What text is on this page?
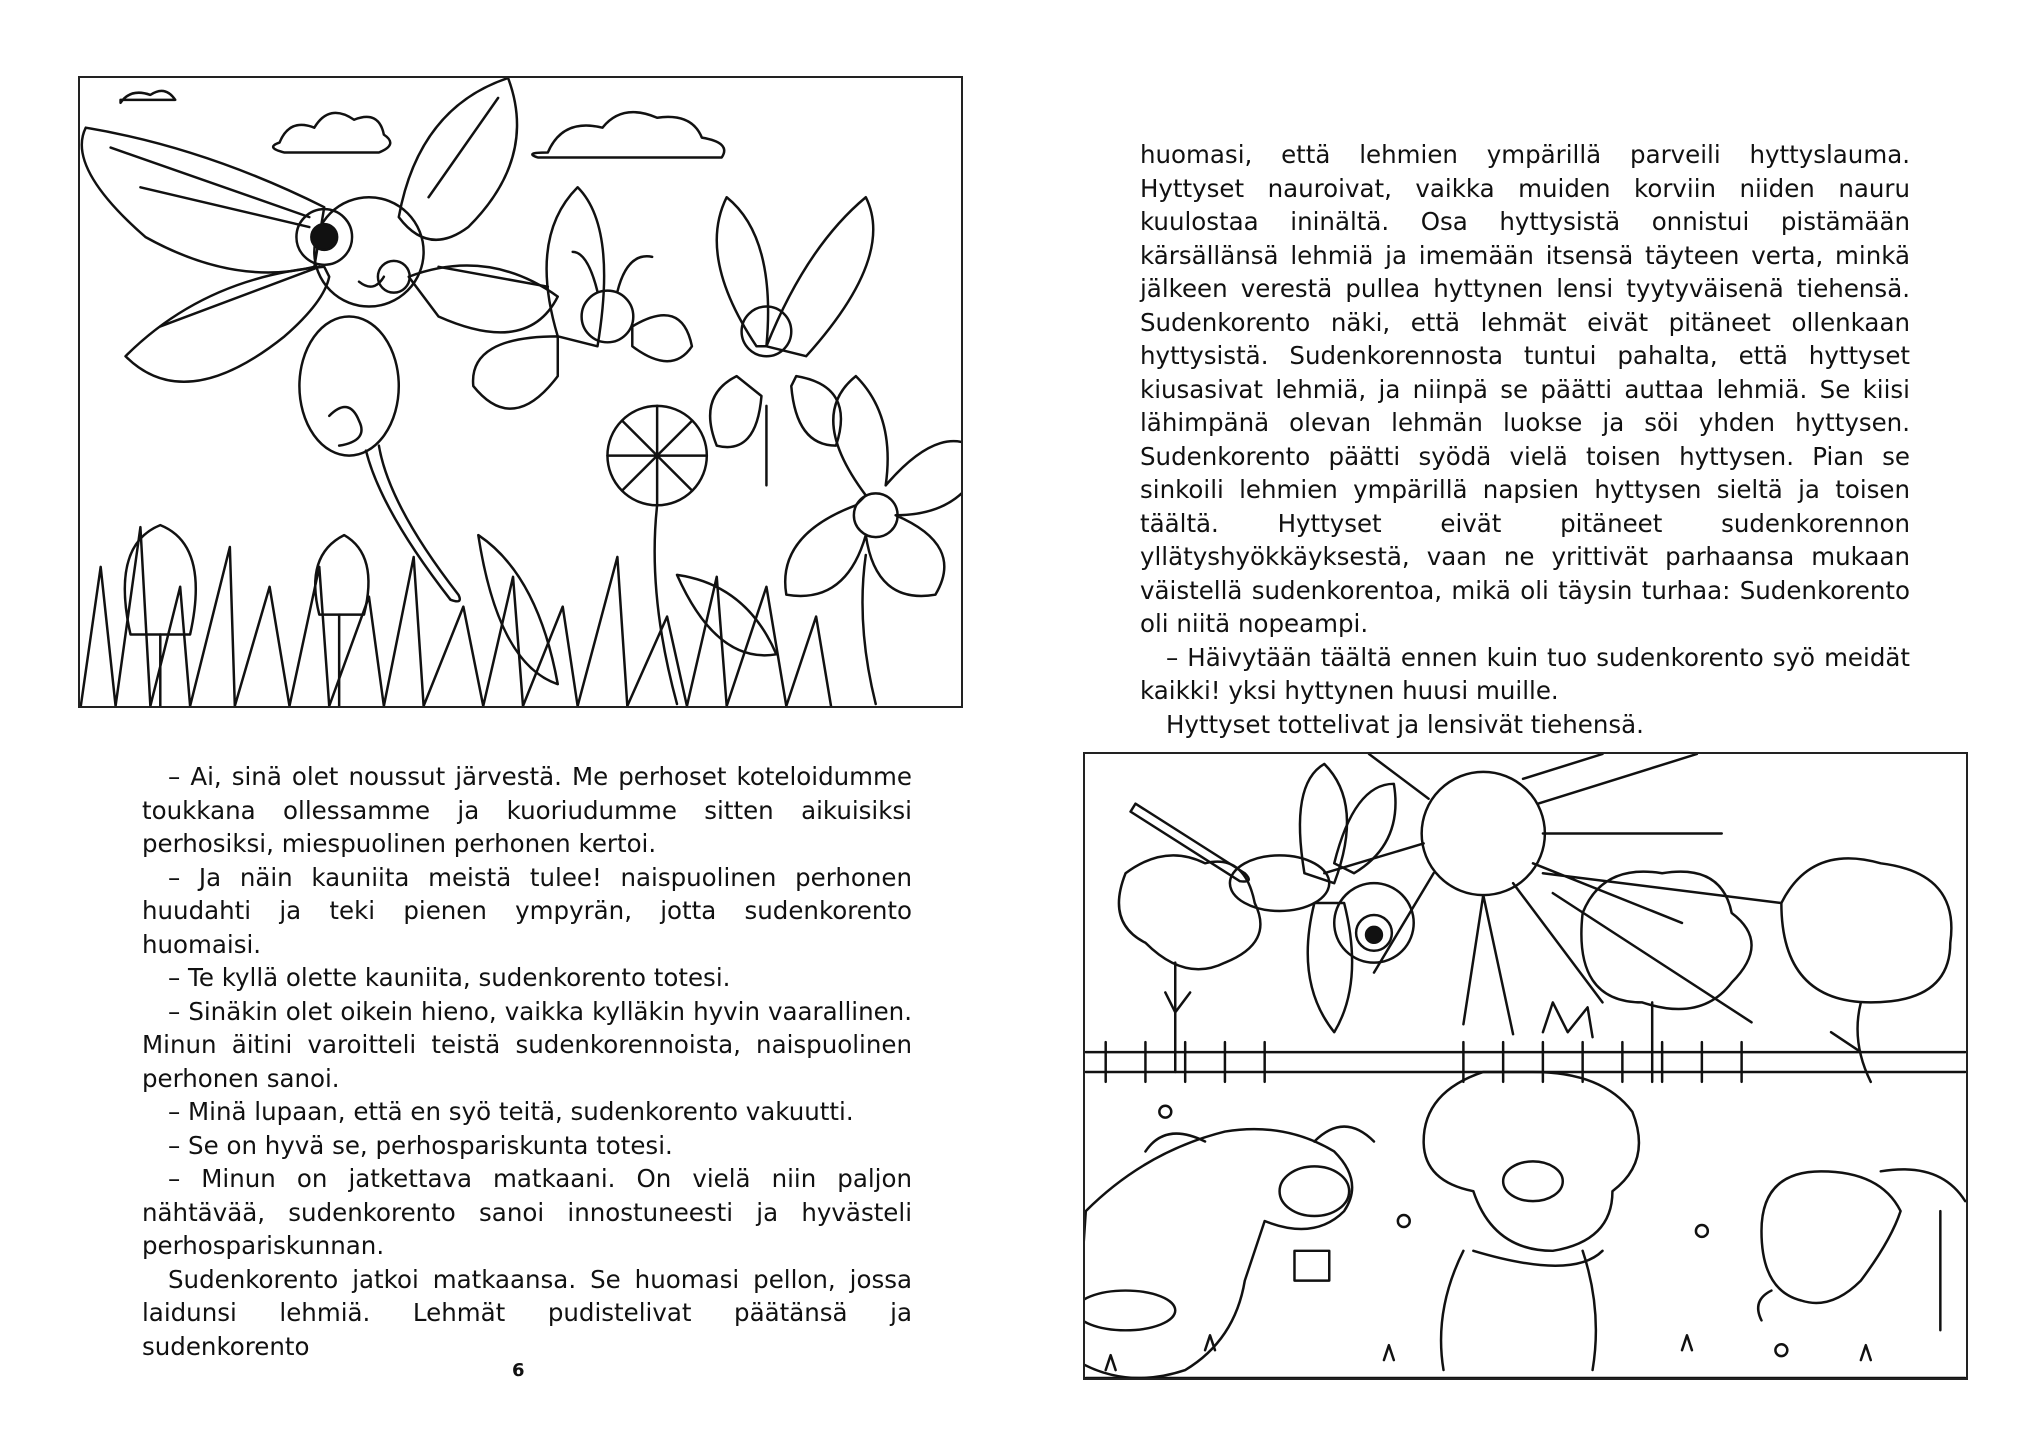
– Ai, sinä olet noussut järvestä. Me perhoset koteloidumme toukkana ollessamme ja kuoriudumme sitten aikuisiksi perhosiksi, miespuolinen perhonen kertoi.

– Ja näin kauniita meistä tulee! naispuolinen perhonen huudahti ja teki pienen ympyrän, jotta sudenkorento huomaisi.

– Te kyllä olette kauniita, sudenkorento totesi.

– Sinäkin olet oikein hieno, vaikka kylläkin hyvin vaarallinen. Minun äitini varoitteli teistä sudenkorennoista, naispuolinen perhonen sanoi.

– Minä lupaan, että en syö teitä, sudenkorento vakuutti.

– Se on hyvä se, perhospariskunta totesi.

– Minun on jatkettava matkaani. On vielä niin paljon nähtävää, sudenkorento sanoi innostuneesti ja hyvästeli perhospariskunnan.

Sudenkorento jatkoi matkaansa. Se huomasi pellon, jossa laidunsi lehmiä. Lehmät pudistelivat päätänsä ja sudenkorento

6

huomasi, että lehmien ympärillä parveili hyttyslauma. Hyttyset nauroivat, vaikka muiden korviin niiden nauru kuulostaa ininältä. Osa hyttysistä onnistui pistämään kärsällänsä lehmiä ja imemään itsensä täyteen verta, minkä jälkeen verestä pullea hyttynen lensi tyytyväisenä tiehensä. Sudenkorento näki, että lehmät eivät pitäneet ollenkaan hyttysistä. Sudenkorennosta tuntui pahalta, että hyttyset kiusasivat lehmiä, ja niinpä se päätti auttaa lehmiä. Se kiisi lähimpänä olevan lehmän luokse ja söi yhden hyttysen. Sudenkorento päätti syödä vielä toisen hyttysen. Pian se sinkoili lehmien ympärillä napsien hyttysen sieltä ja toisen täältä. Hyttyset eivät pitäneet sudenkorennon yllätyshyökkäyksestä, vaan ne yrittivät parhaansa mukaan väistellä sudenkorentoa, mikä oli täysin turhaa: Sudenkorento oli niitä nopeampi.

– Häivytään täältä ennen kuin tuo sudenkorento syö meidät kaikki! yksi hyttynen huusi muille.

Hyttyset tottelivat ja lensivät tiehensä.
